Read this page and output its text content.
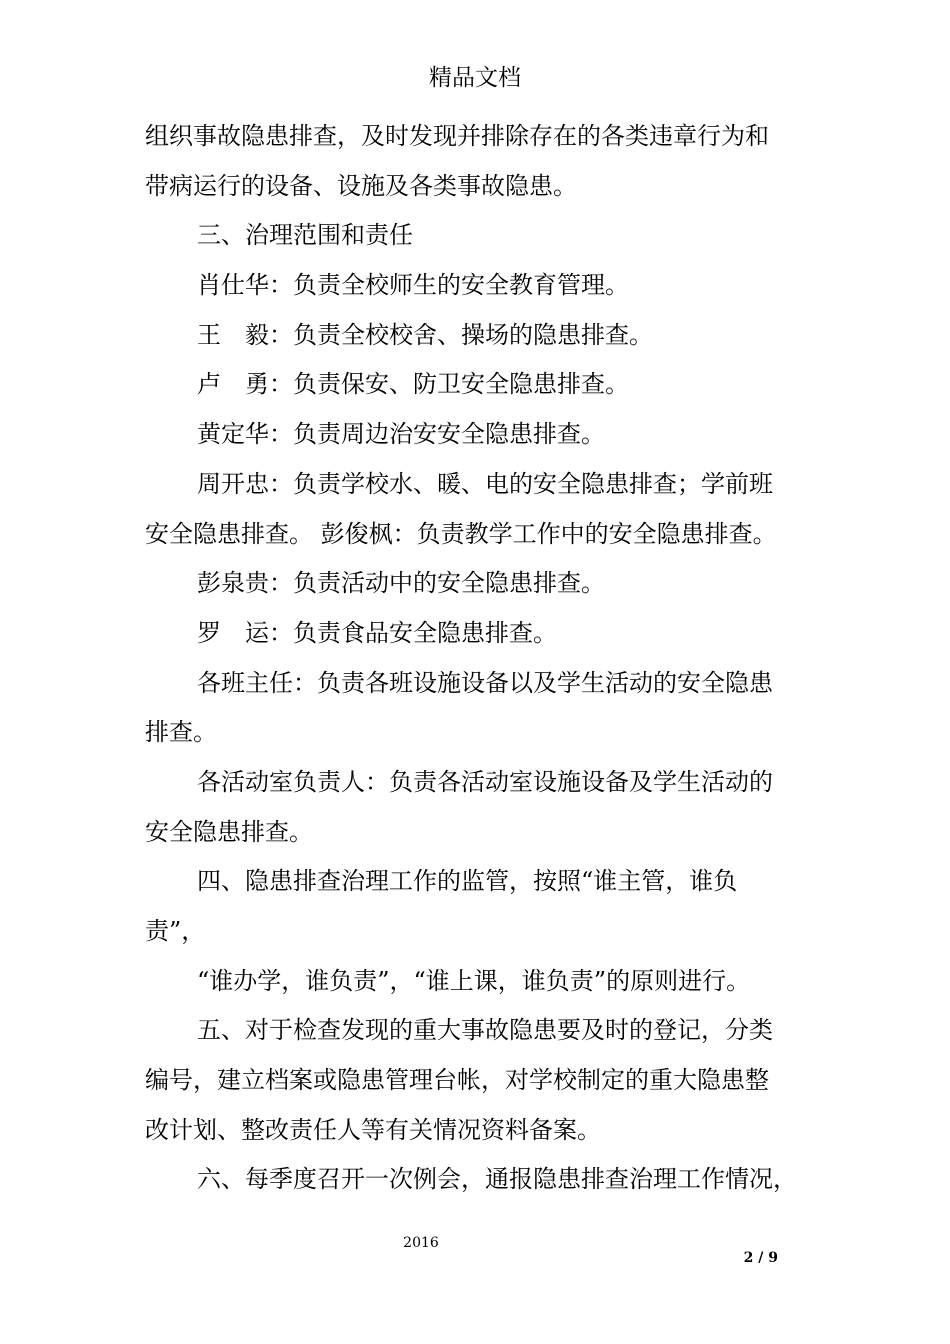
精品文档
组织事故隐患排查，及时发现并排除存在的各类违章行为和
带病运行的设备、设施及各类事故隐患。
三、治理范围和责任
肖仕华：负责全校师生的安全教育管理。
王　毅：负责全校校舍、操场的隐患排查。
卢　勇：负责保安、防卫安全隐患排查。
黄定华：负责周边治安安全隐患排查。
周开忠：负责学校水、暖、电的安全隐患排查；学前班
安全隐患排查。 彭俊枫：负责教学工作中的安全隐患排查。
彭泉贵：负责活动中的安全隐患排查。
罗　运：负责食品安全隐患排查。
各班主任：负责各班设施设备以及学生活动的安全隐患
排查。
各活动室负责人：负责各活动室设施设备及学生活动的
安全隐患排查。
四、隐患排查治理工作的监管，按照“谁主管，谁负
责”，
“谁办学，谁负责”，“谁上课，谁负责”的原则进行。
五、对于检查发现的重大事故隐患要及时的登记，分类
编号，建立档案或隐患管理台帐，对学校制定的重大隐患整
改计划、整改责任人等有关情况资料备案。
六、每季度召开一次例会，通报隐患排查治理工作情况，
2016
2 / 9
